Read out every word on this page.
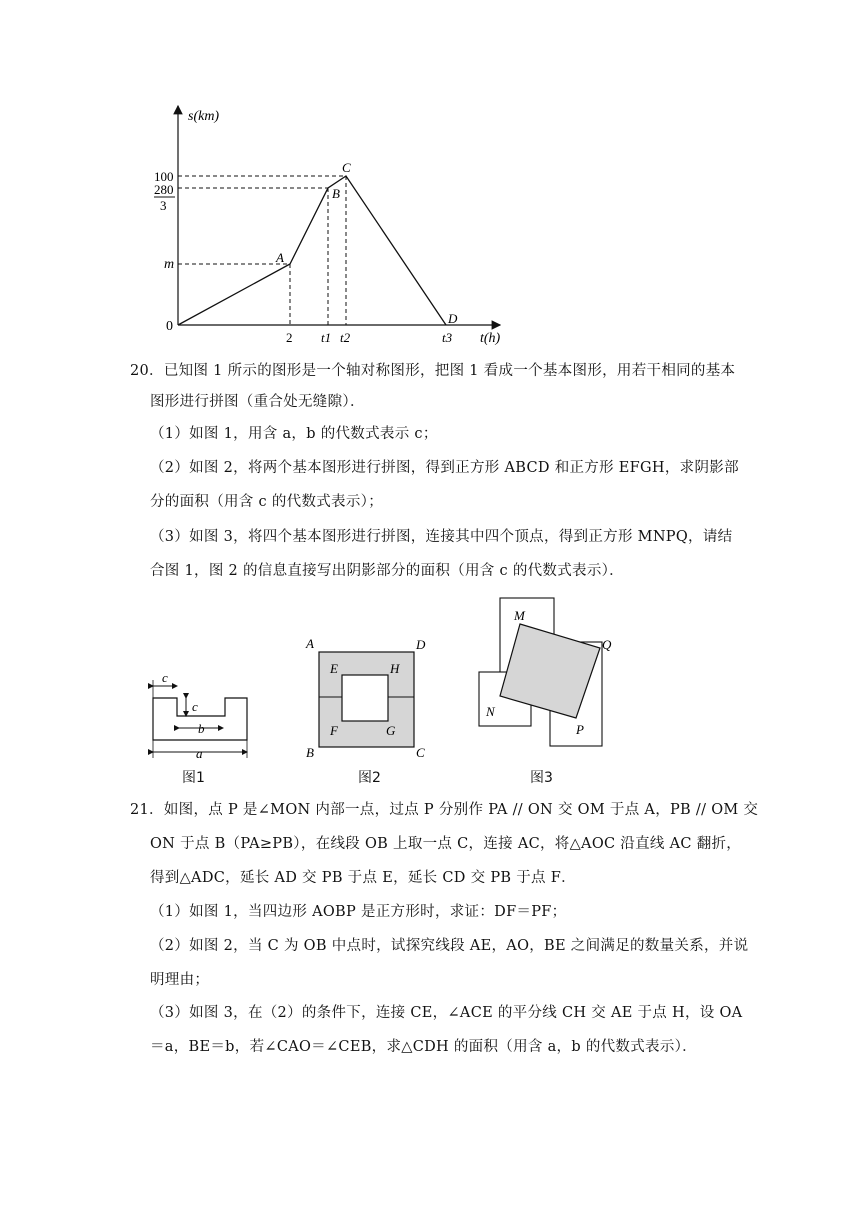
s(km)
t(h)
0
100
280
3
m
2 t1 t2	t3
A
B
C
D
20．已知图 1 所示的图形是一个轴对称图形，把图 1 看成一个基本图形，用若干相同的基本
图形进行拼图（重合处无缝隙）．
（1）如图 1，用含 a，b 的代数式表示 c；
（2）如图 2，将两个基本图形进行拼图，得到正方形 ABCD 和正方形 EFGH，求阴影部
分的面积（用含 c 的代数式表示）；
（3）如图 3，将四个基本图形进行拼图，连接其中四个顶点，得到正方形 MNPQ，请结
合图 1，图 2 的信息直接写出阴影部分的面积（用含 c 的代数式表示）．
c
c
b
a
图1
A	D
E	H
F	G
B	C
图2
M
Q
N
P
图3
21．如图，点 P 是∠MON 内部一点，过点 P 分别作 PA // ON 交 OM 于点 A，PB // OM 交
ON 于点 B（PA≥PB），在线段 OB 上取一点 C，连接 AC，将△AOC 沿直线 AC 翻折，
得到△ADC，延长 AD 交 PB 于点 E，延长 CD 交 PB 于点 F．
（1）如图 1，当四边形 AOBP 是正方形时，求证：DF＝PF；
（2）如图 2，当 C 为 OB 中点时，试探究线段 AE，AO，BE 之间满足的数量关系，并说
明理由；
（3）如图 3，在（2）的条件下，连接 CE，∠ACE 的平分线 CH 交 AE 于点 H，设 OA
＝a，BE＝b，若∠CAO＝∠CEB，求△CDH 的面积（用含 a，b 的代数式表示）．
